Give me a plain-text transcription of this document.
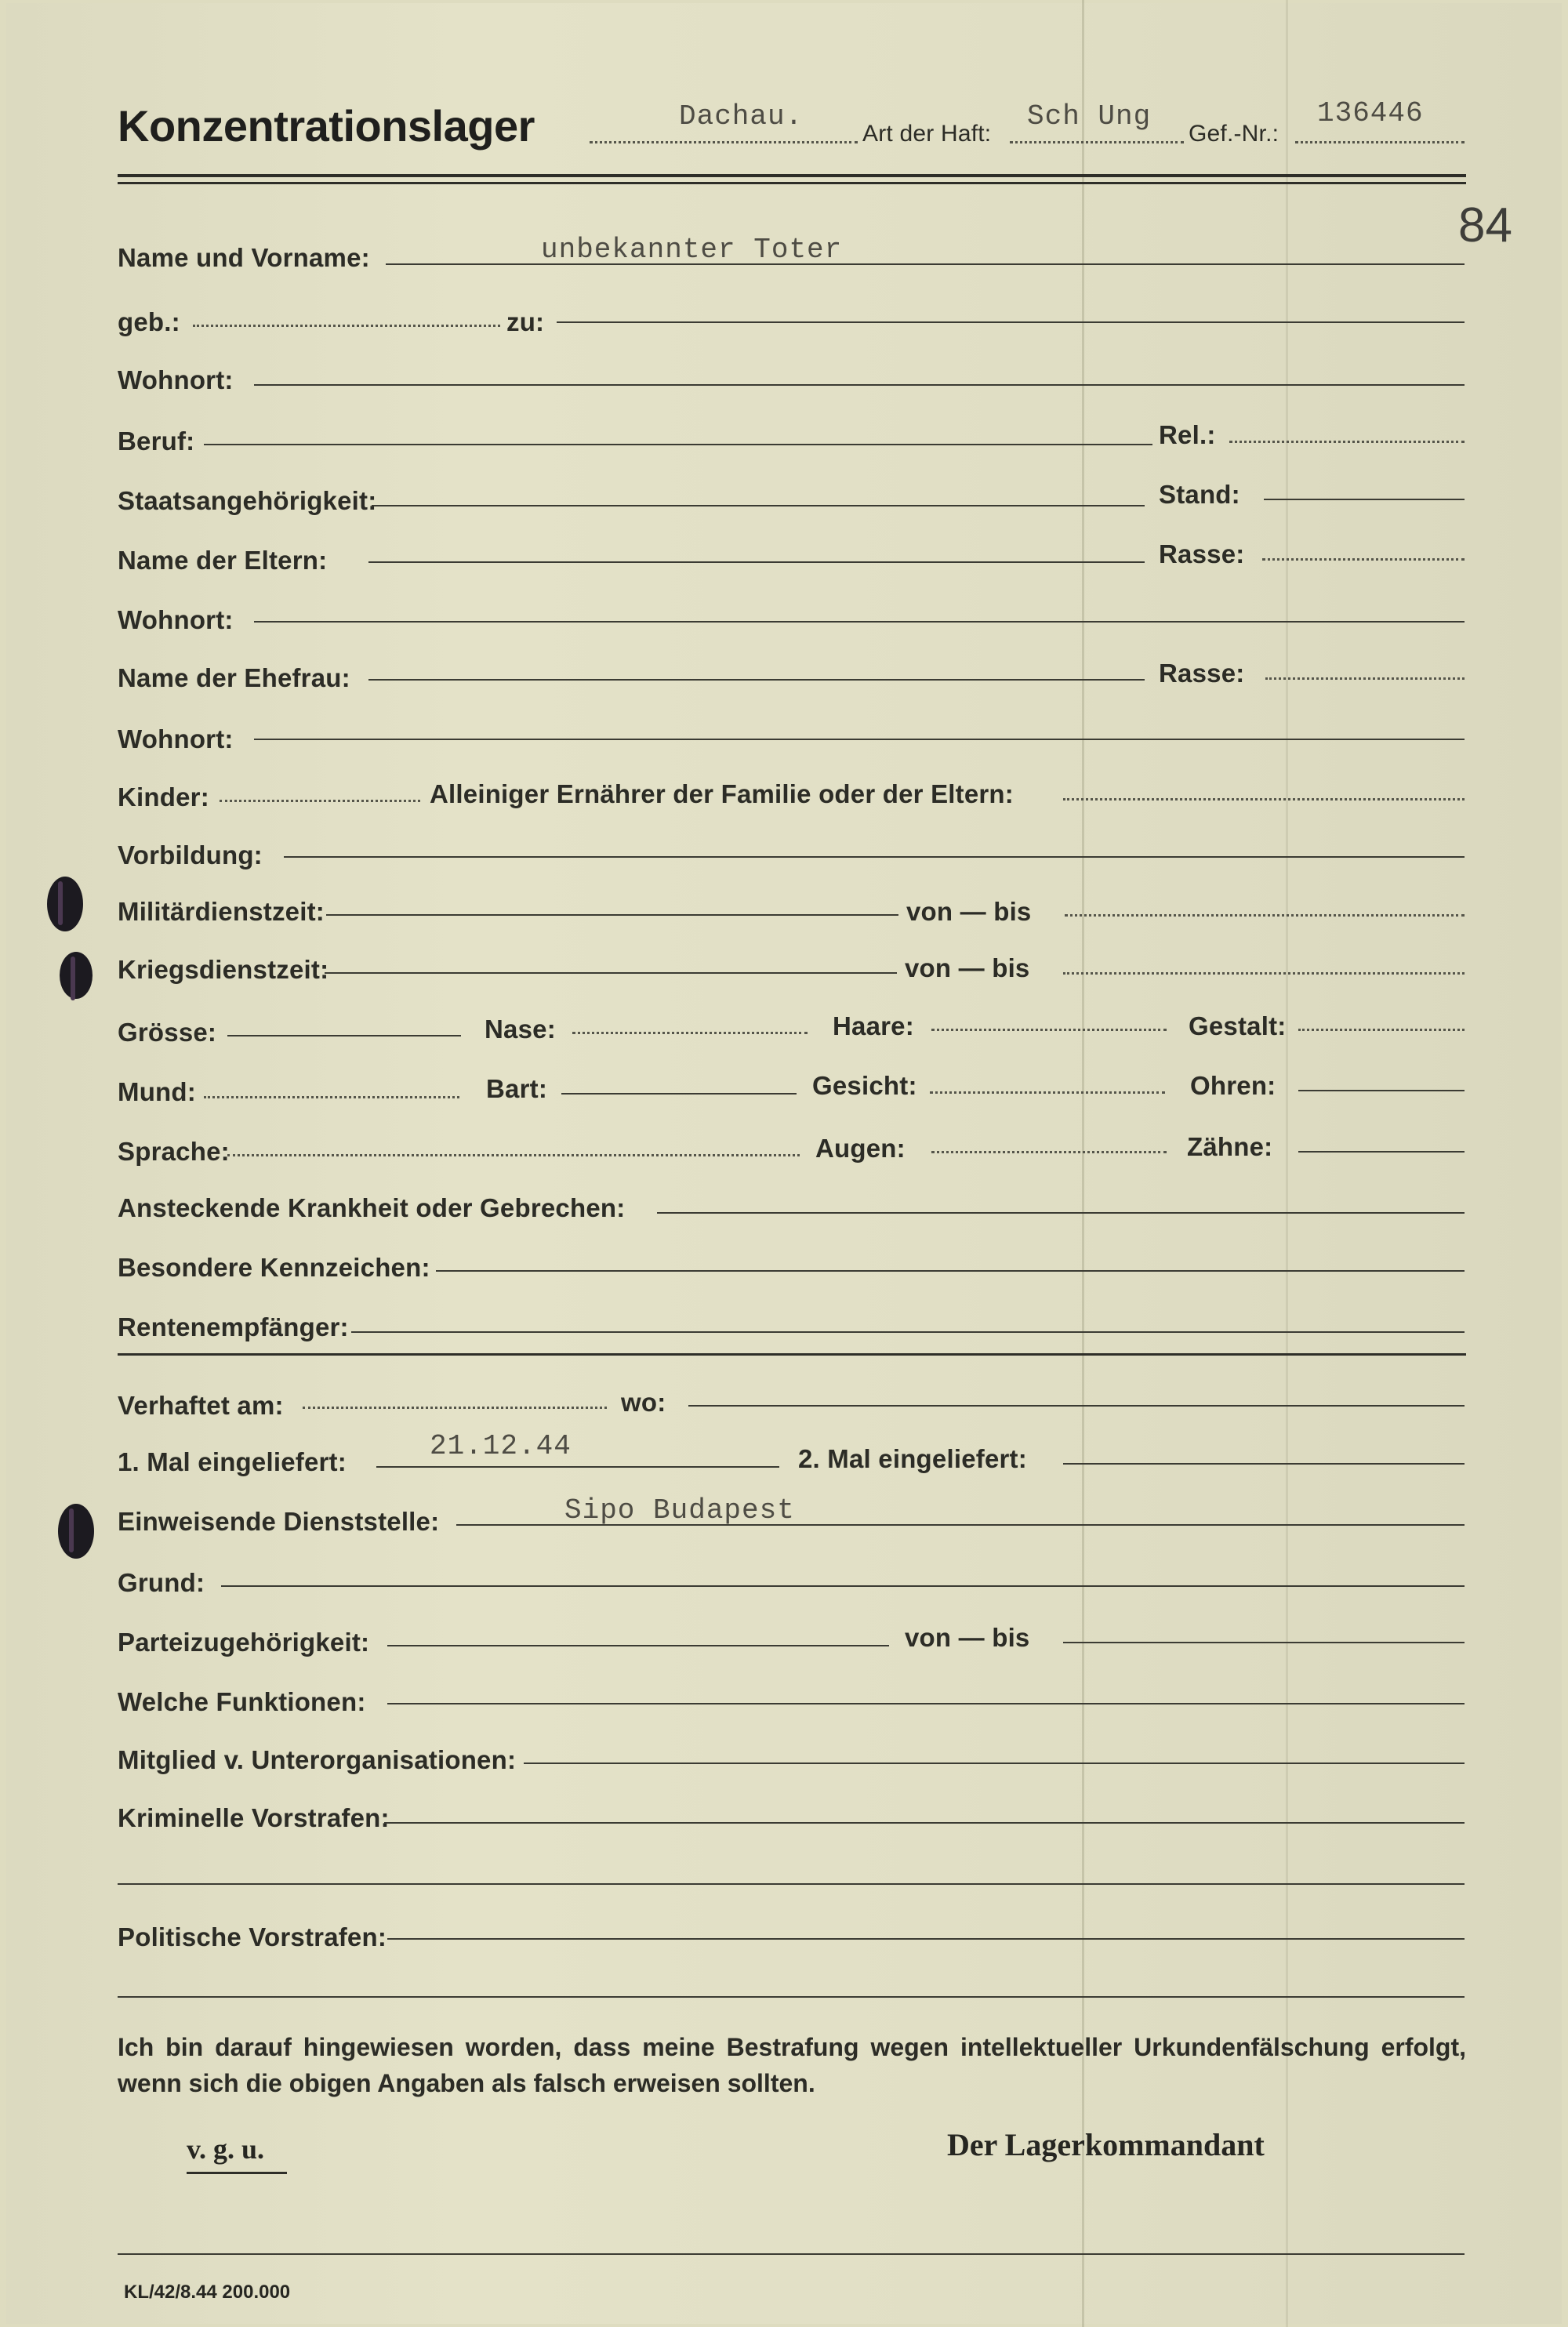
Konzentrationslager	Dachau.
Art der Haft:
Sch Ung
Gef.-Nr.:
136446
84
Name und Vorname:	unbekannter Toter
geb.:	zu:
Wohnort:
Beruf:	Rel.:
Staatsangehörigkeit:	Stand:
Name der Eltern:	Rasse:
Wohnort:
Name der Ehefrau:	Rasse:
Wohnort:
Kinder:	Alleiniger Ernährer der Familie oder der Eltern:
Vorbildung:
Militärdienstzeit:	von — bis
Kriegsdienstzeit:	von — bis
Grösse:	Nase:	Haare:	Gestalt:
Mund:	Bart:	Gesicht:	Ohren:
Sprache:	Augen:	Zähne:
Ansteckende Krankheit oder Gebrechen:
Besondere Kennzeichen:
Rentenempfänger:
Verhaftet am:	wo:
1. Mal eingeliefert:	21.12.44	2. Mal eingeliefert:
Einweisende Dienststelle:	Sipo Budapest
Grund:
Parteizugehörigkeit:	von — bis
Welche Funktionen:
Mitglied v. Unterorganisationen:
Kriminelle Vorstrafen:
Politische Vorstrafen:
Ich bin darauf hingewiesen worden, dass meine Bestrafung wegen intellektueller Urkundenfälschung erfolgt, wenn sich die obigen Angaben als falsch erweisen sollten.
v. g. u.	Der Lagerkommandant
KL/42/8.44 200.000
